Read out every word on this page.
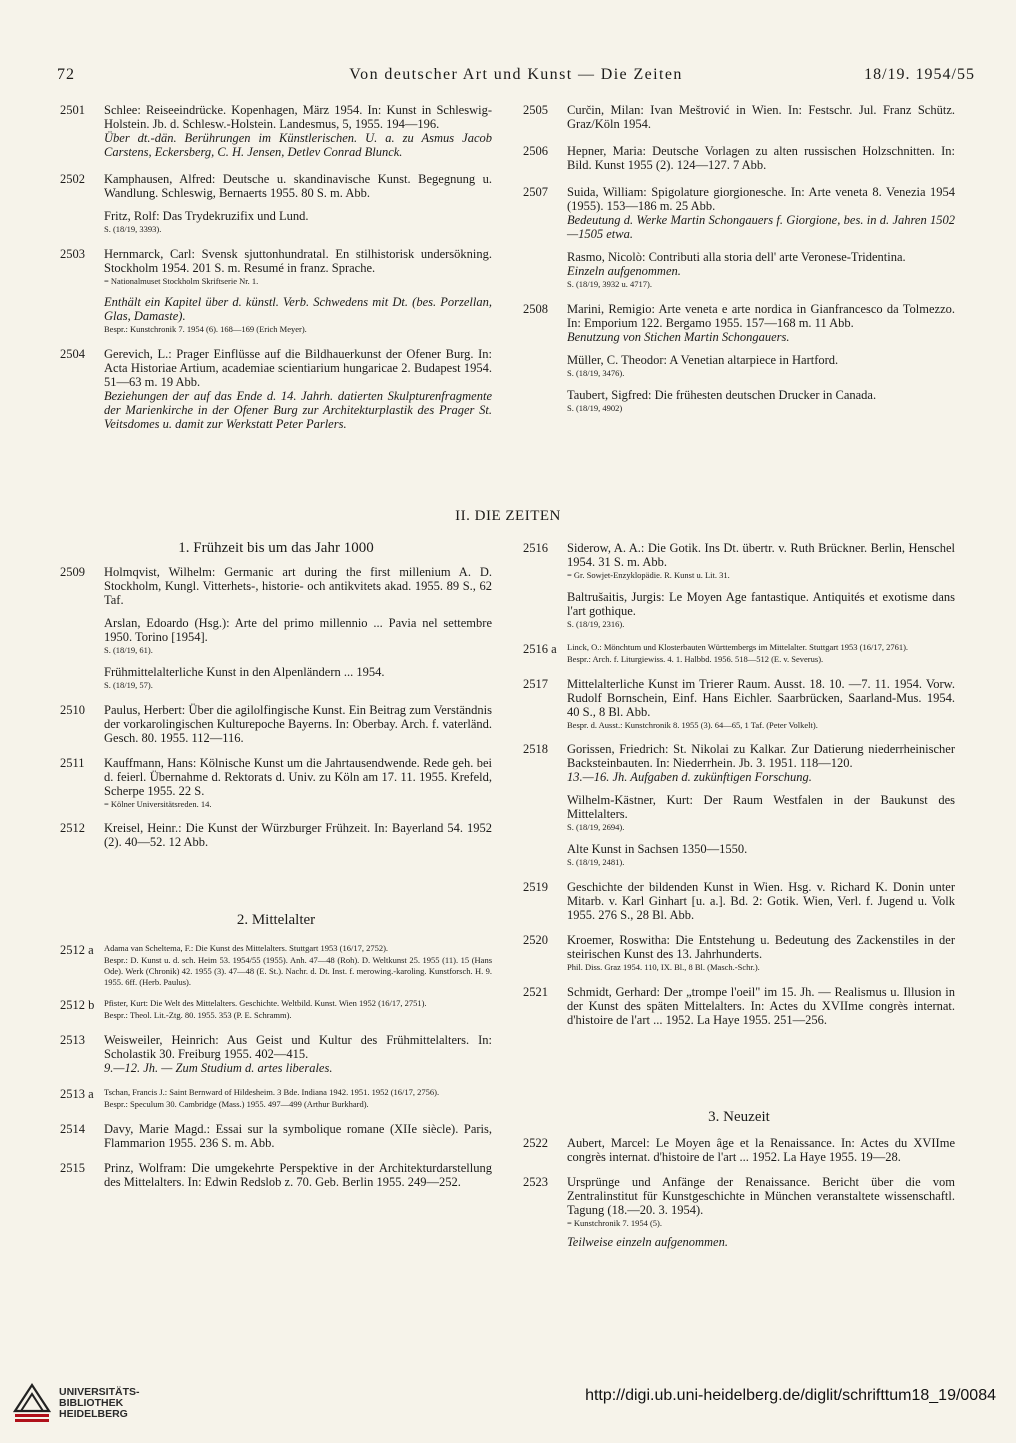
72	Von deutscher Art und Kunst — Die Zeiten	18/19. 1954/55
2501 Schlee: Reiseeindrücke. Kopenhagen, März 1954. In: Kunst in Schleswig-Holstein. Jb. d. Schlesw.-Holstein. Landesmus, 5, 1955. 194—196.

Über dt.-dän. Berührungen im Künstlerischen. U. a. zu Asmus Jacob Carstens, Eckersberg, C. H. Jensen, Detlev Conrad Blunck.

2502 Kamphausen, Alfred: Deutsche u. skandinavische Kunst. Begegnung u. Wandlung. Schleswig, Bernaerts 1955. 80 S. m. Abb.

Fritz, Rolf: Das Trydekruzifix und Lund.

S. (18/19, 3393).

2503 Hernmarck, Carl: Svensk sjuttonhundratal. En stilhistorisk undersökning. Stockholm 1954. 201 S. m. Resumé in franz. Sprache.

= Nationalmuset Stockholm Skriftserie Nr. 1.

Enthält ein Kapitel über d. künstl. Verb. Schwedens mit Dt. (bes. Porzellan, Glas, Damaste).

Bespr.: Kunstchronik 7. 1954 (6). 168—169 (Erich Meyer).

2504 Gerevich, L.: Prager Einflüsse auf die Bildhauerkunst der Ofener Burg. In: Acta Historiae Artium, academiae scientiarium hungaricae 2. Budapest 1954. 51—63 m. 19 Abb.

Beziehungen der auf das Ende d. 14. Jahrh. datierten Skulpturenfragmente der Marienkirche in der Ofener Burg zur Architekturplastik des Prager St. Veitsdomes u. damit zur Werkstatt Peter Parlers.

2505 Curčin, Milan: Ivan Meštrović in Wien. In: Festschr. Jul. Franz Schütz. Graz/Köln 1954.

2506 Hepner, Maria: Deutsche Vorlagen zu alten russischen Holzschnitten. In: Bild. Kunst 1955 (2). 124—127. 7 Abb.

2507 Suida, William: Spigolature giorgionesche. In: Arte veneta 8. Venezia 1954 (1955). 153—186 m. 25 Abb.

Bedeutung d. Werke Martin Schongauers f. Giorgione, bes. in d. Jahren 1502—1505 etwa.

Rasmo, Nicolò: Contributi alla storia dell' arte Veronese-Tridentina.

Einzeln aufgenommen.

S. (18/19, 3932 u. 4717).

2508 Marini, Remigio: Arte veneta e arte nordica in Gianfrancesco da Tolmezzo. In: Emporium 122. Bergamo 1955. 157—168 m. 11 Abb.

Benutzung von Stichen Martin Schongauers.

Müller, C. Theodor: A Venetian altarpiece in Hartford.

S. (18/19, 3476).

Taubert, Sigfred: Die frühesten deutschen Drucker in Canada.

S. (18/19, 4902)

II. DIE ZEITEN
1. Frühzeit bis um das Jahr 1000
2509 Holmqvist, Wilhelm: Germanic art during the first millenium A. D. Stockholm, Kungl. Vitterhets-, historie- och antikvitets akad. 1955. 89 S., 62 Taf.

Arslan, Edoardo (Hsg.): Arte del primo millennio ... Pavia nel settembre 1950. Torino [1954].

S. (18/19, 61).

Frühmittelalterliche Kunst in den Alpenländern ... 1954.

S. (18/19, 57).

2510 Paulus, Herbert: Über die agilolfingische Kunst. Ein Beitrag zum Verständnis der vorkarolingischen Kulturepoche Bayerns. In: Oberbay. Arch. f. vaterländ. Gesch. 80. 1955. 112—116.

2511 Kauffmann, Hans: Kölnische Kunst um die Jahrtausendwende. Rede geh. bei d. feierl. Übernahme d. Rektorats d. Univ. zu Köln am 17. 11. 1955. Krefeld, Scherpe 1955. 22 S.

= Kölner Universitätsreden. 14.

2512 Kreisel, Heinr.: Die Kunst der Würzburger Frühzeit. In: Bayerland 54. 1952 (2). 40—52. 12 Abb.

2. Mittelalter
2512 a Adama van Scheltema, F.: Die Kunst des Mittelalters. Stuttgart 1953 (16/17, 2752).

Bespr.: D. Kunst u. d. sch. Heim 53. 1954/55 (1955). Anh. 47—48 (Roh). D. Weltkunst 25. 1955 (11). 15 (Hans Ode). Werk (Chronik) 42. 1955 (3). 47—48 (E. St.). Nachr. d. Dt. Inst. f. merowing.-karoling. Kunstforsch. H. 9. 1955. 6ff. (Herb. Paulus).

2512 b Pfister, Kurt: Die Welt des Mittelalters. Geschichte. Weltbild. Kunst. Wien 1952 (16/17, 2751).

Bespr.: Theol. Lit.-Ztg. 80. 1955. 353 (P. E. Schramm).

2513 Weisweiler, Heinrich: Aus Geist und Kultur des Frühmittelalters. In: Scholastik 30. Freiburg 1955. 402—415.

9.—12. Jh. — Zum Studium d. artes liberales.

2513 a Tschan, Francis J.: Saint Bernward of Hildesheim. 3 Bde. Indiana 1942. 1951. 1952 (16/17, 2756).

Bespr.: Speculum 30. Cambridge (Mass.) 1955. 497—499 (Arthur Burkhard).

2514 Davy, Marie Magd.: Essai sur la symbolique romane (XIIe siècle). Paris, Flammarion 1955. 236 S. m. Abb.

2515 Prinz, Wolfram: Die umgekehrte Perspektive in der Architekturdarstellung des Mittelalters. In: Edwin Redslob z. 70. Geb. Berlin 1955. 249—252.

2516 Siderow, A. A.: Die Gotik. Ins Dt. übertr. v. Ruth Brückner. Berlin, Henschel 1954. 31 S. m. Abb.

= Gr. Sowjet-Enzyklopädie. R. Kunst u. Lit. 31.

Baltrušaitis, Jurgis: Le Moyen Age fantastique. Antiquités et exotisme dans l'art gothique.

S. (18/19, 2316).

2516 a Linck, O.: Mönchtum und Klosterbauten Württembergs im Mittelalter. Stuttgart 1953 (16/17, 2761).

Bespr.: Arch. f. Liturgiewiss. 4. 1. Halbbd. 1956. 518—512 (E. v. Severus).

2517 Mittelalterliche Kunst im Trierer Raum. Ausst. 18. 10. —7. 11. 1954. Vorw. Rudolf Bornschein, Einf. Hans Eichler. Saarbrücken, Saarland-Mus. 1954. 40 S., 8 Bl. Abb.

Bespr. d. Ausst.: Kunstchronik 8. 1955 (3). 64—65, 1 Taf. (Peter Volkelt).

2518 Gorissen, Friedrich: St. Nikolai zu Kalkar. Zur Datierung niederrheinischer Backsteinbauten. In: Niederrhein. Jb. 3. 1951. 118—120.

13.—16. Jh. Aufgaben d. zukünftigen Forschung.

Wilhelm-Kästner, Kurt: Der Raum Westfalen in der Baukunst des Mittelalters.

S. (18/19, 2694).

Alte Kunst in Sachsen 1350—1550.

S. (18/19, 2481).

2519 Geschichte der bildenden Kunst in Wien. Hsg. v. Richard K. Donin unter Mitarb. v. Karl Ginhart [u. a.]. Bd. 2: Gotik. Wien, Verl. f. Jugend u. Volk 1955. 276 S., 28 Bl. Abb.

2520 Kroemer, Roswitha: Die Entstehung u. Bedeutung des Zackenstiles in der steirischen Kunst des 13. Jahrhunderts.

Phil. Diss. Graz 1954. 110, IX. Bl., 8 Bl. (Masch.-Schr.).

2521 Schmidt, Gerhard: Der „trompe l'oeil" im 15. Jh. — Realismus u. Illusion in der Kunst des späten Mittelalters. In: Actes du XVIIme congrès internat. d'histoire de l'art ... 1952. La Haye 1955. 251—256.

3. Neuzeit
2522 Aubert, Marcel: Le Moyen âge et la Renaissance. In: Actes du XVIIme congrès internat. d'histoire de l'art ... 1952. La Haye 1955. 19—28.

2523 Ursprünge und Anfänge der Renaissance. Bericht über die vom Zentralinstitut für Kunstgeschichte in München veranstaltete wissenschaftl. Tagung (18.—20. 3. 1954).

= Kunstchronik 7. 1954 (5).

Teilweise einzeln aufgenommen.

UNIVERSITÄTS-
BIBLIOTHEK
HEIDELBERG
http://digi.ub.uni-heidelberg.de/diglit/schrifttum18_19/0084
